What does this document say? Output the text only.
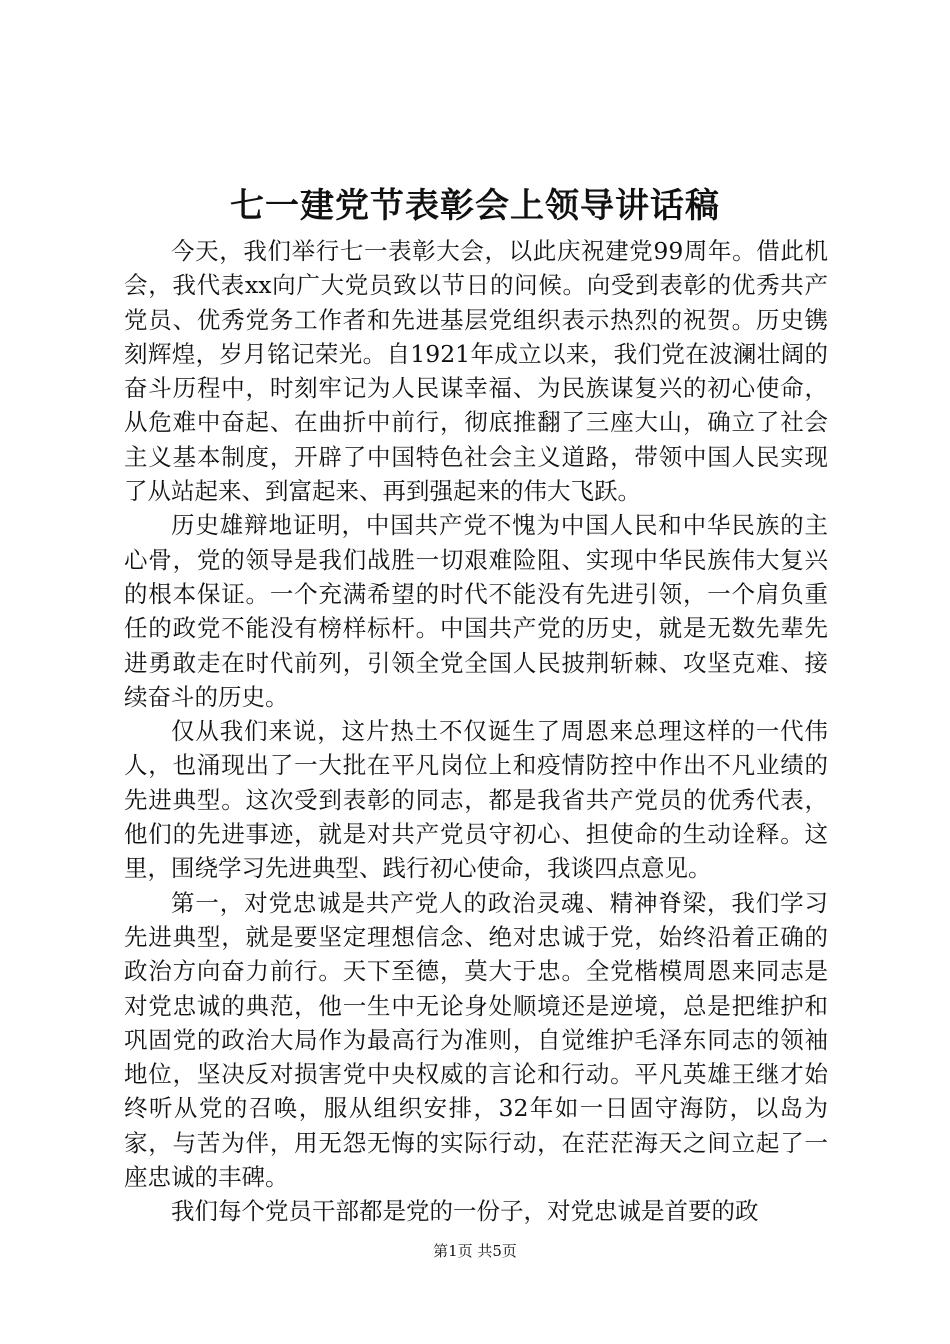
七一建党节表彰会上领导讲话稿

今天，我们举行七一表彰大会，以此庆祝建党99周年。借此机会，我代表xx向广大党员致以节日的问候。向受到表彰的优秀共产党员、优秀党务工作者和先进基层党组织表示热烈的祝贺。历史镌刻辉煌，岁月铭记荣光。自1921年成立以来，我们党在波澜壮阔的奋斗历程中，时刻牢记为人民谋幸福、为民族谋复兴的初心使命，从危难中奋起、在曲折中前行，彻底推翻了三座大山，确立了社会主义基本制度，开辟了中国特色社会主义道路，带领中国人民实现了从站起来、到富起来、再到强起来的伟大飞跃。

历史雄辩地证明，中国共产党不愧为中国人民和中华民族的主心骨，党的领导是我们战胜一切艰难险阻、实现中华民族伟大复兴的根本保证。一个充满希望的时代不能没有先进引领，一个肩负重任的政党不能没有榜样标杆。中国共产党的历史，就是无数先辈先进勇敢走在时代前列，引领全党全国人民披荆斩棘、攻坚克难、接续奋斗的历史。

仅从我们来说，这片热土不仅诞生了周恩来总理这样的一代伟人，也涌现出了一大批在平凡岗位上和疫情防控中作出不凡业绩的先进典型。这次受到表彰的同志，都是我省共产党员的优秀代表，他们的先进事迹，就是对共产党员守初心、担使命的生动诠释。这里，围绕学习先进典型、践行初心使命，我谈四点意见。

第一，对党忠诚是共产党人的政治灵魂、精神脊梁，我们学习先进典型，就是要坚定理想信念、绝对忠诚于党，始终沿着正确的政治方向奋力前行。天下至德，莫大于忠。全党楷模周恩来同志是对党忠诚的典范，他一生中无论身处顺境还是逆境，总是把维护和巩固党的政治大局作为最高行为准则，自觉维护毛泽东同志的领袖地位，坚决反对损害党中央权威的言论和行动。平凡英雄王继才始终听从党的召唤，服从组织安排，32年如一日固守海防，以岛为家，与苦为伴，用无怨无悔的实际行动，在茫茫海天之间立起了一座忠诚的丰碑。

我们每个党员干部都是党的一份子，对党忠诚是首要的政

第1页 共5页
